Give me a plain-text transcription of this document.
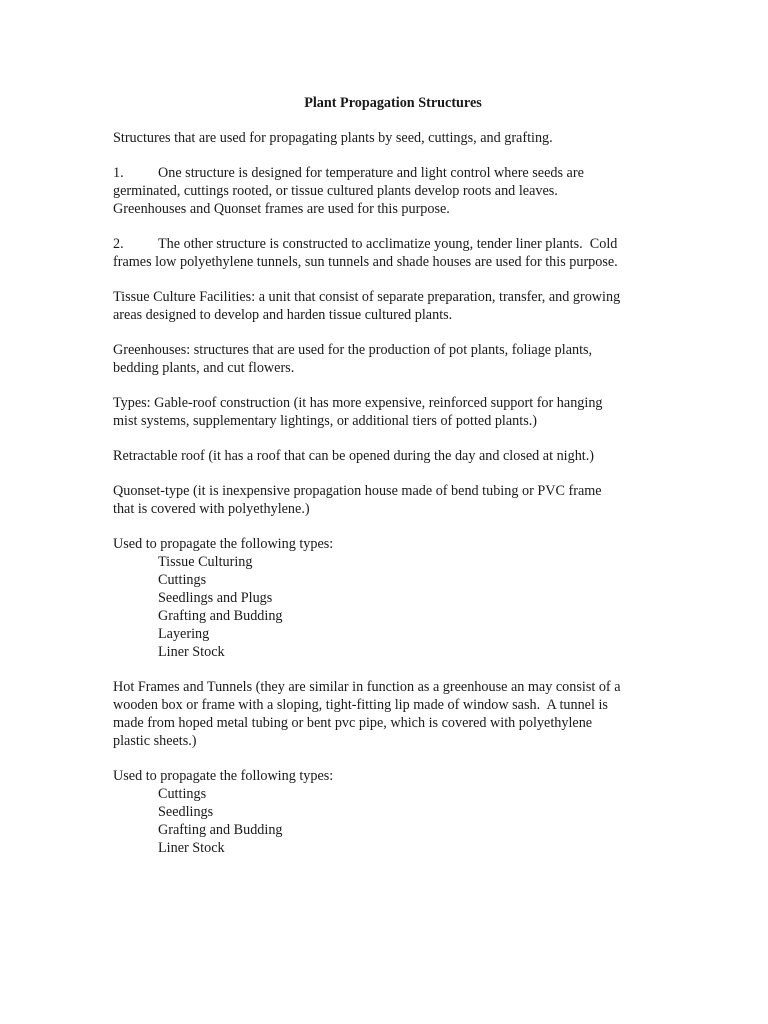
Plant Propagation Structures

Structures that are used for propagating plants by seed, cuttings, and grafting.

1. One structure is designed for temperature and light control where seeds are

germinated, cuttings rooted, or tissue cultured plants develop roots and leaves.

Greenhouses and Quonset frames are used for this purpose.

2. The other structure is constructed to acclimatize young, tender liner plants.  Cold

frames low polyethylene tunnels, sun tunnels and shade houses are used for this purpose.

Tissue Culture Facilities: a unit that consist of separate preparation, transfer, and growing

areas designed to develop and harden tissue cultured plants.

Greenhouses: structures that are used for the production of pot plants, foliage plants,

bedding plants, and cut flowers.

Types: Gable-roof construction (it has more expensive, reinforced support for hanging

mist systems, supplementary lightings, or additional tiers of potted plants.)

Retractable roof (it has a roof that can be opened during the day and closed at night.)

Quonset-type (it is inexpensive propagation house made of bend tubing or PVC frame

that is covered with polyethylene.)

Used to propagate the following types:

Tissue Culturing
Cuttings
Seedlings and Plugs
Grafting and Budding
Layering
Liner Stock

Hot Frames and Tunnels (they are similar in function as a greenhouse an may consist of a

wooden box or frame with a sloping, tight-fitting lip made of window sash.  A tunnel is

made from hoped metal tubing or bent pvc pipe, which is covered with polyethylene

plastic sheets.)

Used to propagate the following types:

Cuttings
Seedlings
Grafting and Budding
Liner Stock
